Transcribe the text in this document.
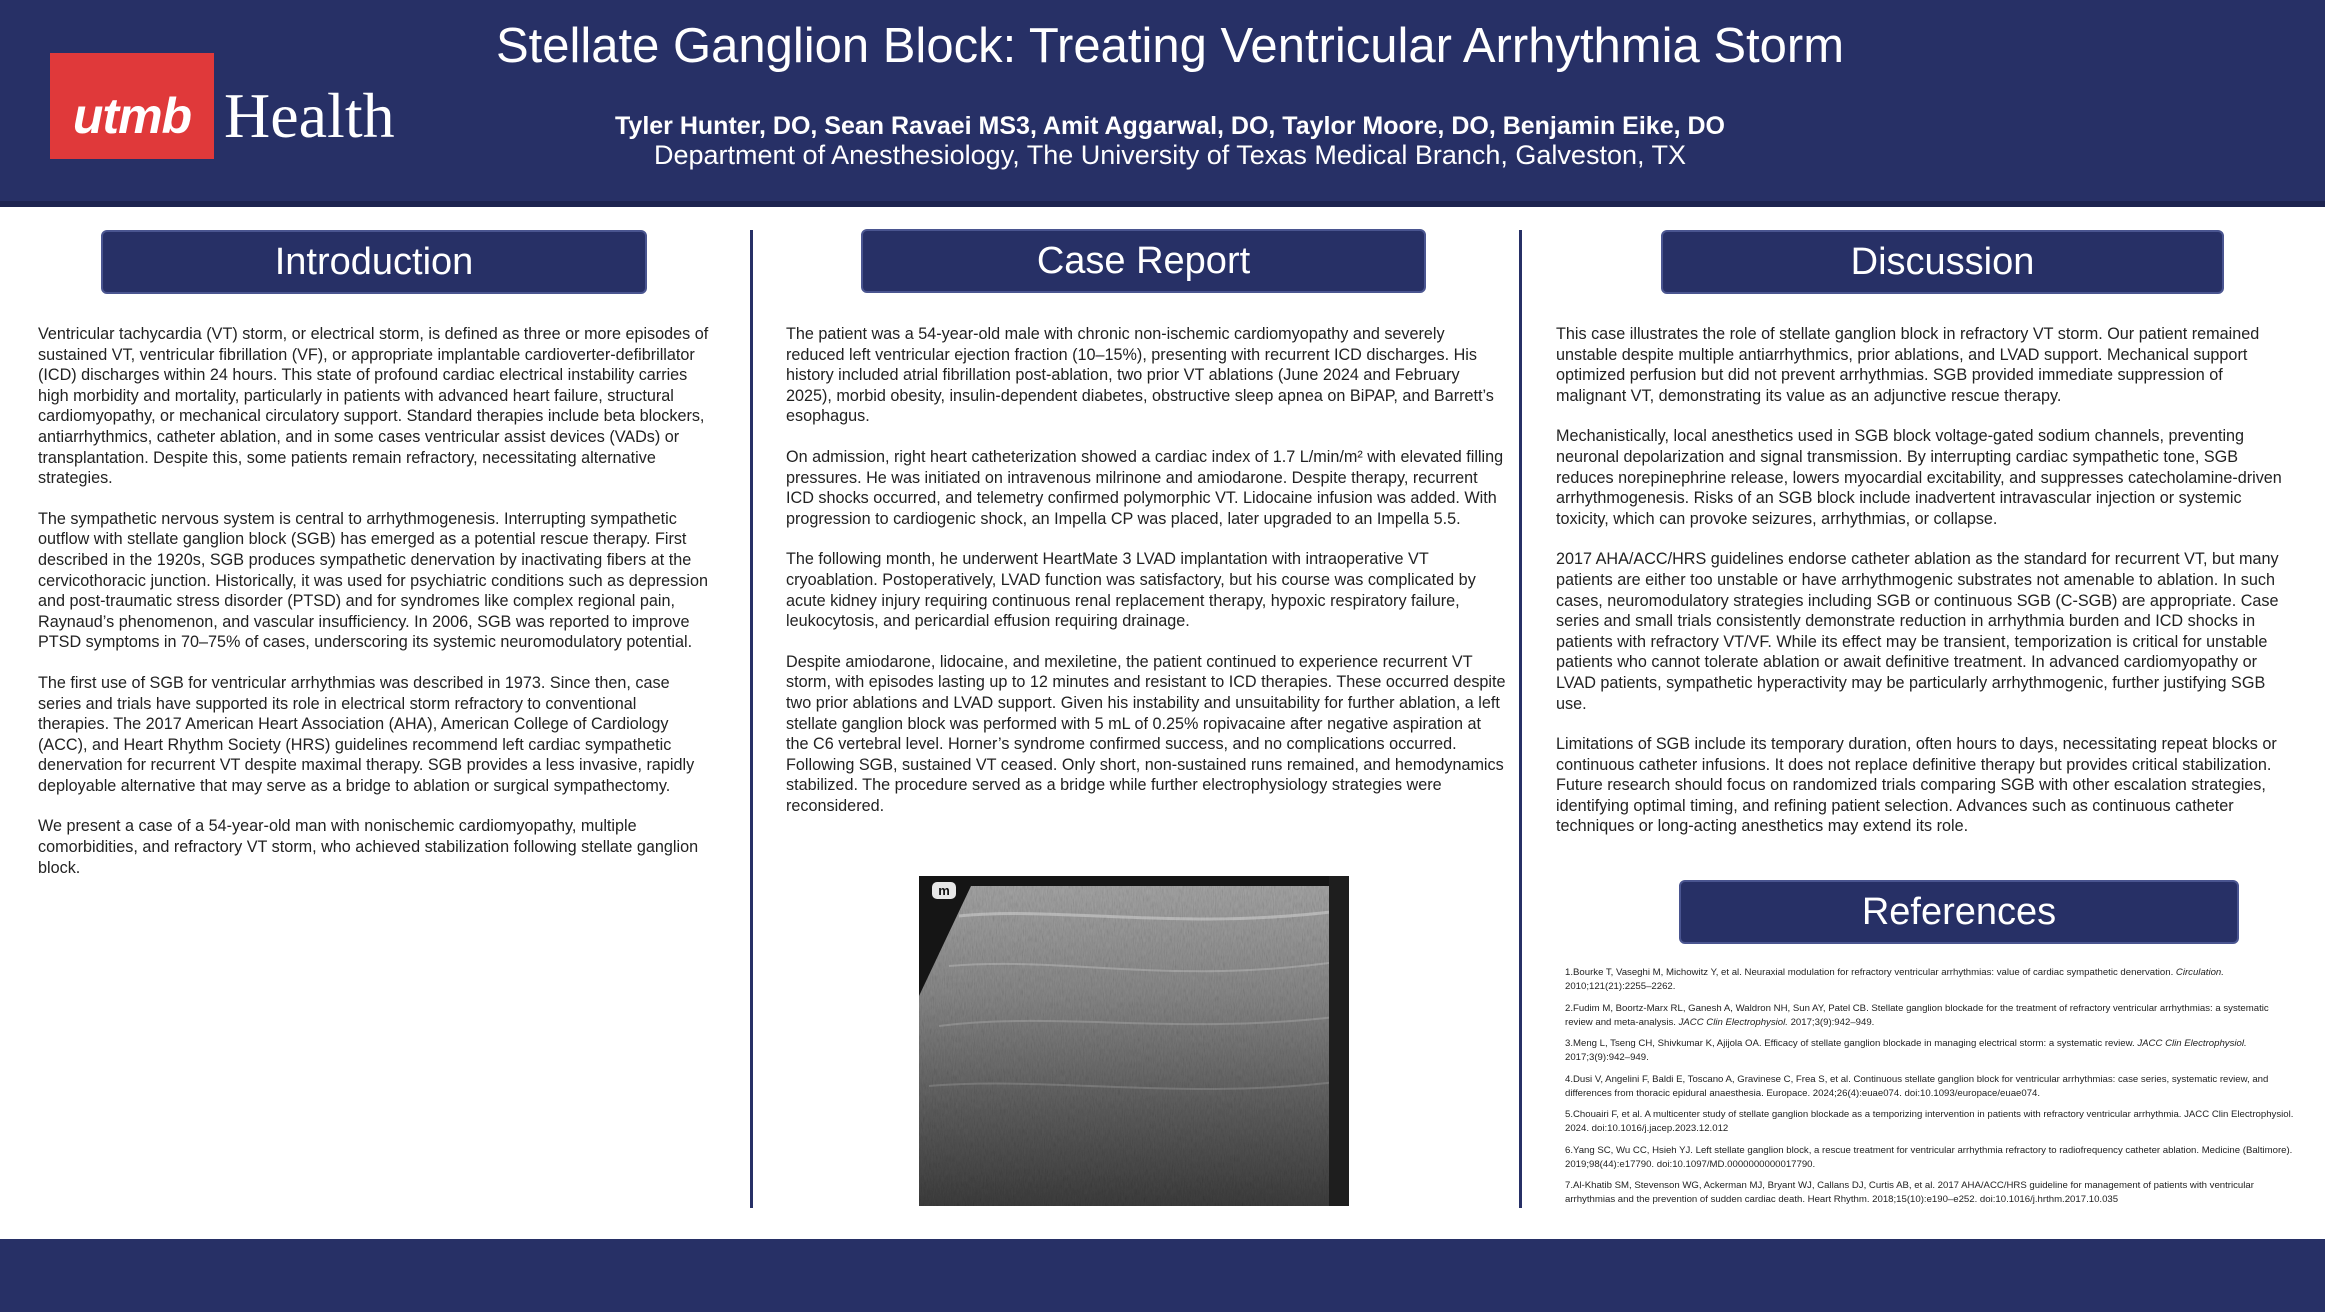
utmb Health
Stellate Ganglion Block: Treating Ventricular Arrhythmia Storm
Tyler Hunter, DO, Sean Ravaei MS3, Amit Aggarwal, DO, Taylor Moore, DO, Benjamin Eike, DO
Department of Anesthesiology, The University of Texas Medical Branch, Galveston, TX
Introduction

Ventricular tachycardia (VT) storm, or electrical storm, is defined as three or more episodes of sustained VT, ventricular fibrillation (VF), or appropriate implantable cardioverter-defibrillator (ICD) discharges within 24 hours. This state of profound cardiac electrical instability carries high morbidity and mortality, particularly in patients with advanced heart failure, structural cardiomyopathy, or mechanical circulatory support. Standard therapies include beta blockers, antiarrhythmics, catheter ablation, and in some cases ventricular assist devices (VADs) or transplantation. Despite this, some patients remain refractory, necessitating alternative strategies.

The sympathetic nervous system is central to arrhythmogenesis. Interrupting sympathetic outflow with stellate ganglion block (SGB) has emerged as a potential rescue therapy. First described in the 1920s, SGB produces sympathetic denervation by inactivating fibers at the cervicothoracic junction. Historically, it was used for psychiatric conditions such as depression and post-traumatic stress disorder (PTSD) and for syndromes like complex regional pain, Raynaud’s phenomenon, and vascular insufficiency. In 2006, SGB was reported to improve PTSD symptoms in 70–75% of cases, underscoring its systemic neuromodulatory potential.

The first use of SGB for ventricular arrhythmias was described in 1973. Since then, case series and trials have supported its role in electrical storm refractory to conventional therapies. The 2017 American Heart Association (AHA), American College of Cardiology (ACC), and Heart Rhythm Society (HRS) guidelines recommend left cardiac sympathetic denervation for recurrent VT despite maximal therapy. SGB provides a less invasive, rapidly deployable alternative that may serve as a bridge to ablation or surgical sympathectomy.

We present a case of a 54-year-old man with nonischemic cardiomyopathy, multiple comorbidities, and refractory VT storm, who achieved stabilization following stellate ganglion block.

Case Report

The patient was a 54-year-old male with chronic non-ischemic cardiomyopathy and severely reduced left ventricular ejection fraction (10–15%), presenting with recurrent ICD discharges. His history included atrial fibrillation post-ablation, two prior VT ablations (June 2024 and February 2025), morbid obesity, insulin-dependent diabetes, obstructive sleep apnea on BiPAP, and Barrett’s esophagus.

On admission, right heart catheterization showed a cardiac index of 1.7 L/min/m² with elevated filling pressures. He was initiated on intravenous milrinone and amiodarone. Despite therapy, recurrent ICD shocks occurred, and telemetry confirmed polymorphic VT. Lidocaine infusion was added. With progression to cardiogenic shock, an Impella CP was placed, later upgraded to an Impella 5.5.

The following month, he underwent HeartMate 3 LVAD implantation with intraoperative VT cryoablation. Postoperatively, LVAD function was satisfactory, but his course was complicated by acute kidney injury requiring continuous renal replacement therapy, hypoxic respiratory failure, leukocytosis, and pericardial effusion requiring drainage.

Despite amiodarone, lidocaine, and mexiletine, the patient continued to experience recurrent VT storm, with episodes lasting up to 12 minutes and resistant to ICD therapies. These occurred despite two prior ablations and LVAD support. Given his instability and unsuitability for further ablation, a left stellate ganglion block was performed with 5 mL of 0.25% ropivacaine after negative aspiration at the C6 vertebral level. Horner’s syndrome confirmed success, and no complications occurred.

Following SGB, sustained VT ceased. Only short, non-sustained runs remained, and hemodynamics stabilized. The procedure served as a bridge while further electrophysiology strategies were reconsidered.

m
Discussion

This case illustrates the role of stellate ganglion block in refractory VT storm. Our patient remained unstable despite multiple antiarrhythmics, prior ablations, and LVAD support. Mechanical support optimized perfusion but did not prevent arrhythmias. SGB provided immediate suppression of malignant VT, demonstrating its value as an adjunctive rescue therapy.

Mechanistically, local anesthetics used in SGB block voltage-gated sodium channels, preventing neuronal depolarization and signal transmission. By interrupting cardiac sympathetic tone, SGB reduces norepinephrine release, lowers myocardial excitability, and suppresses catecholamine-driven arrhythmogenesis. Risks of an SGB block include inadvertent intravascular injection or systemic toxicity, which can provoke seizures, arrhythmias, or collapse.

2017 AHA/ACC/HRS guidelines endorse catheter ablation as the standard for recurrent VT, but many patients are either too unstable or have arrhythmogenic substrates not amenable to ablation. In such cases, neuromodulatory strategies including SGB or continuous SGB (C-SGB) are appropriate. Case series and small trials consistently demonstrate reduction in arrhythmia burden and ICD shocks in patients with refractory VT/VF. While its effect may be transient, temporization is critical for unstable patients who cannot tolerate ablation or await definitive treatment. In advanced cardiomyopathy or LVAD patients, sympathetic hyperactivity may be particularly arrhythmogenic, further justifying SGB use.

Limitations of SGB include its temporary duration, often hours to days, necessitating repeat blocks or continuous catheter infusions. It does not replace definitive therapy but provides critical stabilization. Future research should focus on randomized trials comparing SGB with other escalation strategies, identifying optimal timing, and refining patient selection. Advances such as continuous catheter techniques or long-acting anesthetics may extend its role.

References

1.Bourke T, Vaseghi M, Michowitz Y, et al. Neuraxial modulation for refractory ventricular arrhythmias: value of cardiac sympathetic denervation. Circulation. 2010;121(21):2255–2262.

2.Fudim M, Boortz-Marx RL, Ganesh A, Waldron NH, Sun AY, Patel CB. Stellate ganglion blockade for the treatment of refractory ventricular arrhythmias: a systematic review and meta-analysis. JACC Clin Electrophysiol. 2017;3(9):942–949.

3.Meng L, Tseng CH, Shivkumar K, Ajijola OA. Efficacy of stellate ganglion blockade in managing electrical storm: a systematic review. JACC Clin Electrophysiol. 2017;3(9):942–949.

4.Dusi V, Angelini F, Baldi E, Toscano A, Gravinese C, Frea S, et al. Continuous stellate ganglion block for ventricular arrhythmias: case series, systematic review, and differences from thoracic epidural anaesthesia. Europace. 2024;26(4):euae074. doi:10.1093/europace/euae074.

5.Chouairi F, et al. A multicenter study of stellate ganglion blockade as a temporizing intervention in patients with refractory ventricular arrhythmia. JACC Clin Electrophysiol. 2024. doi:10.1016/j.jacep.2023.12.012

6.Yang SC, Wu CC, Hsieh YJ. Left stellate ganglion block, a rescue treatment for ventricular arrhythmia refractory to radiofrequency catheter ablation. Medicine (Baltimore). 2019;98(44):e17790. doi:10.1097/MD.0000000000017790.

7.Al-Khatib SM, Stevenson WG, Ackerman MJ, Bryant WJ, Callans DJ, Curtis AB, et al. 2017 AHA/ACC/HRS guideline for management of patients with ventricular arrhythmias and the prevention of sudden cardiac death. Heart Rhythm. 2018;15(10):e190–e252. doi:10.1016/j.hrthm.2017.10.035
